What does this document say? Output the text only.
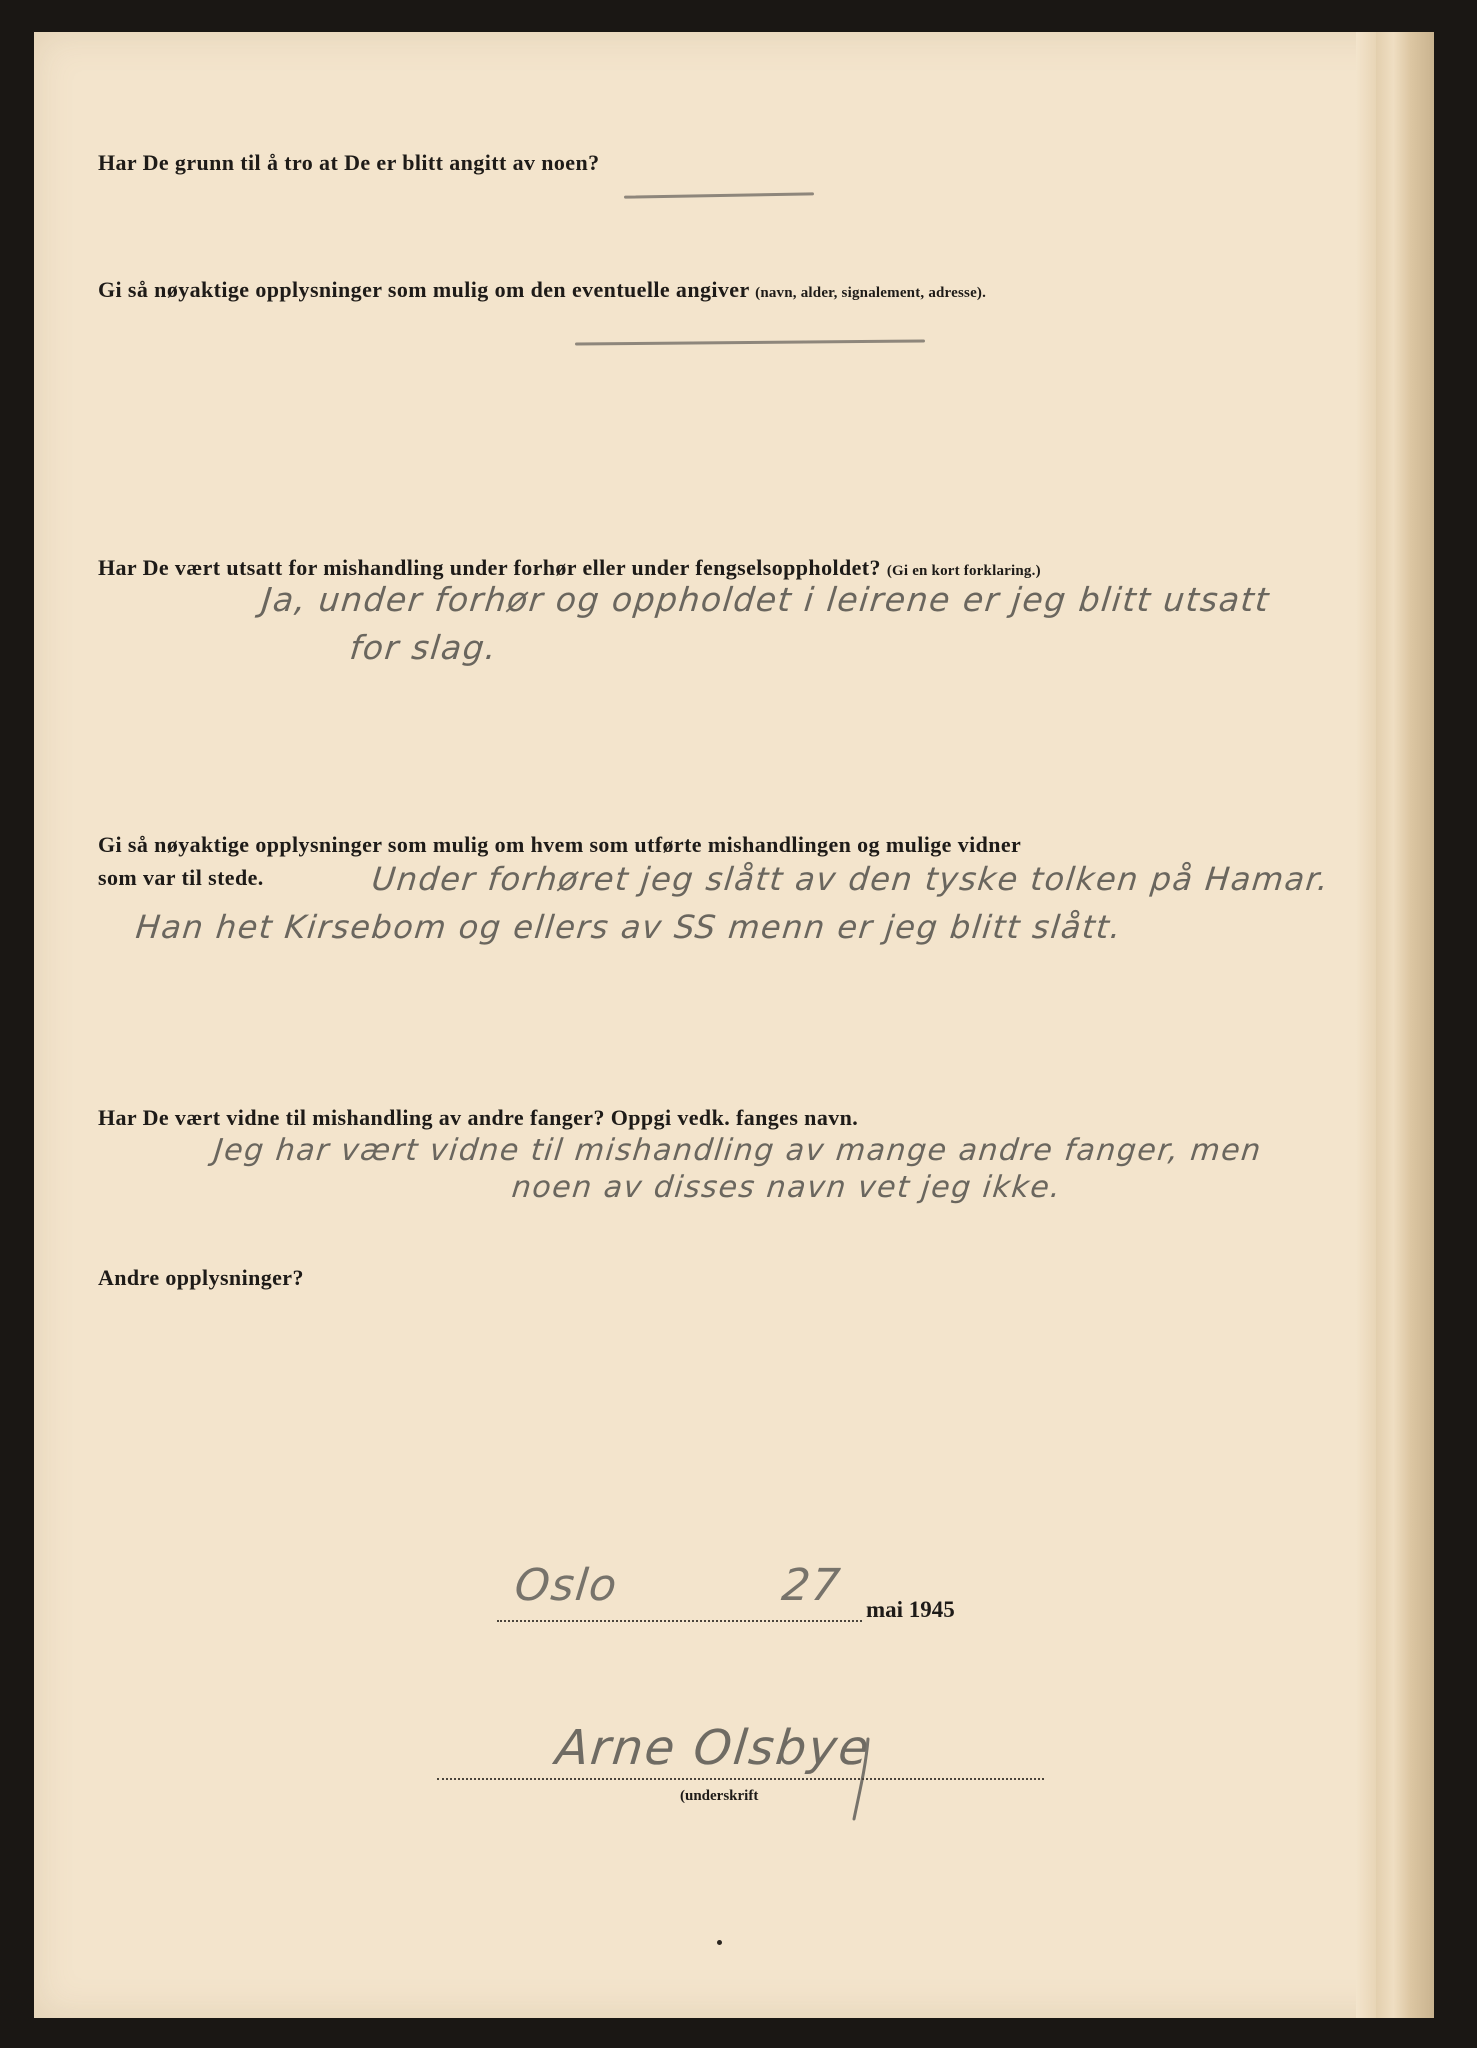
Har De grunn til å tro at De er blitt angitt av noen?

Gi så nøyaktige opplysninger som mulig om den eventuelle angiver (navn, alder, signalement, adresse).

Har De vært utsatt for mishandling under forhør eller under fengselsoppholdet? (Gi en kort forklaring.)

Ja, under forhør og oppholdet i leirene er jeg blitt utsatt

for slag.

Gi så nøyaktige opplysninger som mulig om hvem som utførte mishandlingen og mulige vidner

som var til stede.	Under forhøret jeg slått av den tyske tolken på Hamar.

Han het Kirsebom og ellers av SS menn er jeg blitt slått.

Har De vært vidne til mishandling av andre fanger? Oppgi vedk. fanges navn.

Jeg har vært vidne til mishandling av mange andre fanger, men

noen av disses navn vet jeg ikke.

Andre opplysninger?

Oslo	27 mai 1945

Arne Olsbye

(underskrift
